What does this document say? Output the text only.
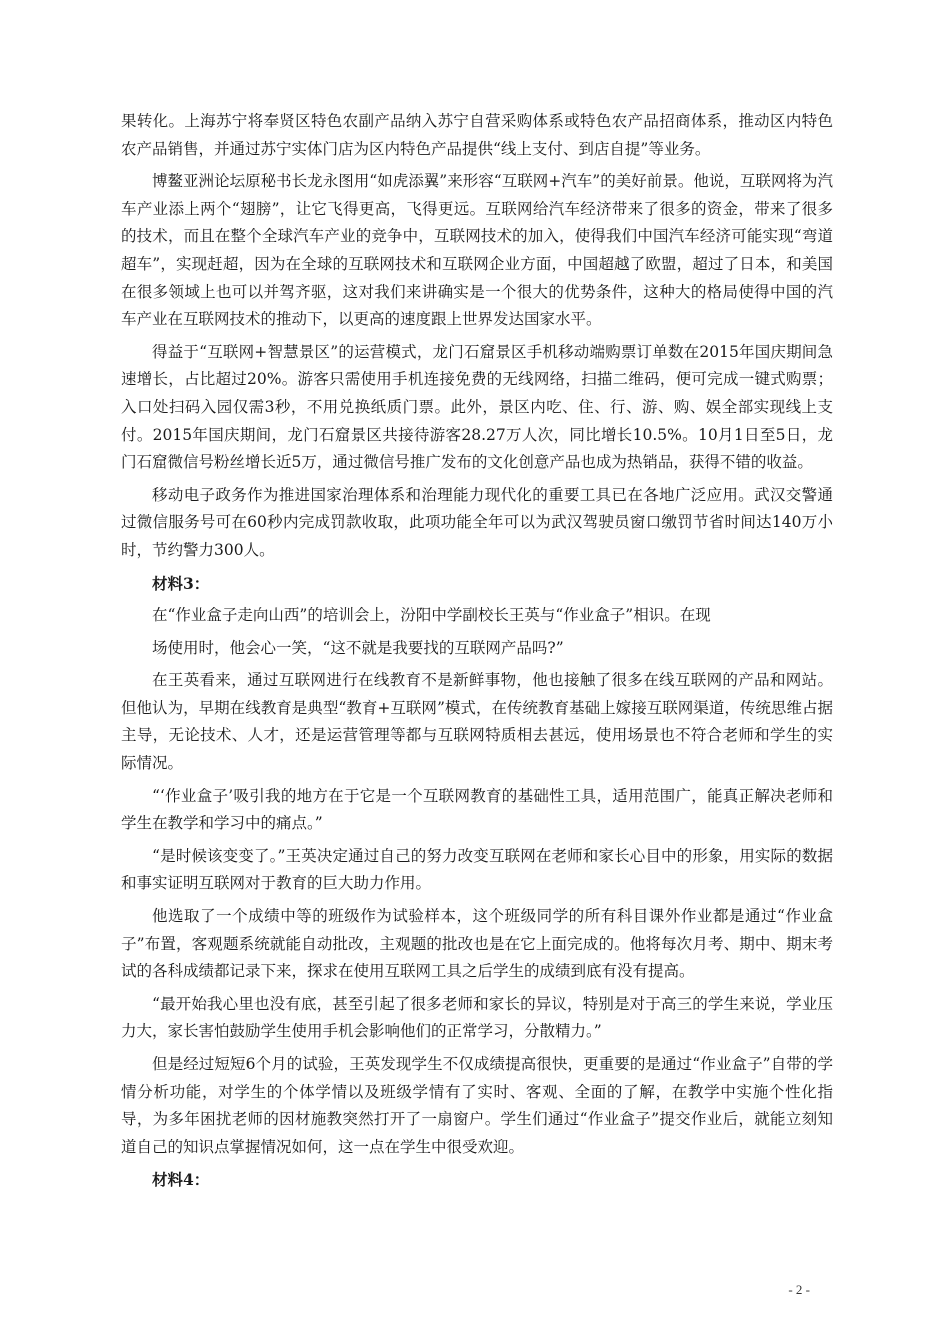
果转化。上海苏宁将奉贤区特色农副产品纳入苏宁自营采购体系或特色农产品招商体系，推动区内特色农产品销售，并通过苏宁实体门店为区内特色产品提供“线上支付、到店自提”等业务。

博鳌亚洲论坛原秘书长龙永图用“如虎添翼”来形容“互联网+汽车”的美好前景。他说，互联网将为汽车产业添上两个“翅膀”，让它飞得更高，飞得更远。互联网给汽车经济带来了很多的资金，带来了很多的技术，而且在整个全球汽车产业的竞争中，互联网技术的加入，使得我们中国汽车经济可能实现“弯道超车”，实现赶超，因为在全球的互联网技术和互联网企业方面，中国超越了欧盟，超过了日本，和美国在很多领域上也可以并驾齐驱，这对我们来讲确实是一个很大的优势条件，这种大的格局使得中国的汽车产业在互联网技术的推动下，以更高的速度跟上世界发达国家水平。

得益于“互联网+智慧景区”的运营模式，龙门石窟景区手机移动端购票订单数在2015年国庆期间急速增长，占比超过20%。游客只需使用手机连接免费的无线网络，扫描二维码，便可完成一键式购票；入口处扫码入园仅需3秒，不用兑换纸质门票。此外，景区内吃、住、行、游、购、娱全部实现线上支付。2015年国庆期间，龙门石窟景区共接待游客28.27万人次，同比增长10.5%。10月1日至5日，龙门石窟微信号粉丝增长近5万，通过微信号推广发布的文化创意产品也成为热销品，获得不错的收益。

移动电子政务作为推进国家治理体系和治理能力现代化的重要工具已在各地广泛应用。武汉交警通过微信服务号可在60秒内完成罚款收取，此项功能全年可以为武汉驾驶员窗口缴罚节省时间达140万小时，节约警力300人。

材料3：

在“作业盒子走向山西”的培训会上，汾阳中学副校长王英与“作业盒子”相识。在现

场使用时，他会心一笑，“这不就是我要找的互联网产品吗?”

在王英看来，通过互联网进行在线教育不是新鲜事物，他也接触了很多在线互联网的产品和网站。但他认为，早期在线教育是典型“教育+互联网”模式，在传统教育基础上嫁接互联网渠道，传统思维占据主导，无论技术、人才，还是运营管理等都与互联网特质相去甚远，使用场景也不符合老师和学生的实际情况。

“‘作业盒子’吸引我的地方在于它是一个互联网教育的基础性工具，适用范围广，能真正解决老师和学生在教学和学习中的痛点。”

“是时候该变变了。”王英决定通过自己的努力改变互联网在老师和家长心目中的形象，用实际的数据和事实证明互联网对于教育的巨大助力作用。

他选取了一个成绩中等的班级作为试验样本，这个班级同学的所有科目课外作业都是通过“作业盒子”布置，客观题系统就能自动批改，主观题的批改也是在它上面完成的。他将每次月考、期中、期末考试的各科成绩都记录下来，探求在使用互联网工具之后学生的成绩到底有没有提高。

“最开始我心里也没有底，甚至引起了很多老师和家长的异议，特别是对于高三的学生来说，学业压力大，家长害怕鼓励学生使用手机会影响他们的正常学习，分散精力。”

但是经过短短6个月的试验，王英发现学生不仅成绩提高很快，更重要的是通过“作业盒子”自带的学情分析功能，对学生的个体学情以及班级学情有了实时、客观、全面的了解，在教学中实施个性化指导，为多年困扰老师的因材施教突然打开了一扇窗户。学生们通过“作业盒子”提交作业后，就能立刻知道自己的知识点掌握情况如何，这一点在学生中很受欢迎。

材料4：

- 2 -
